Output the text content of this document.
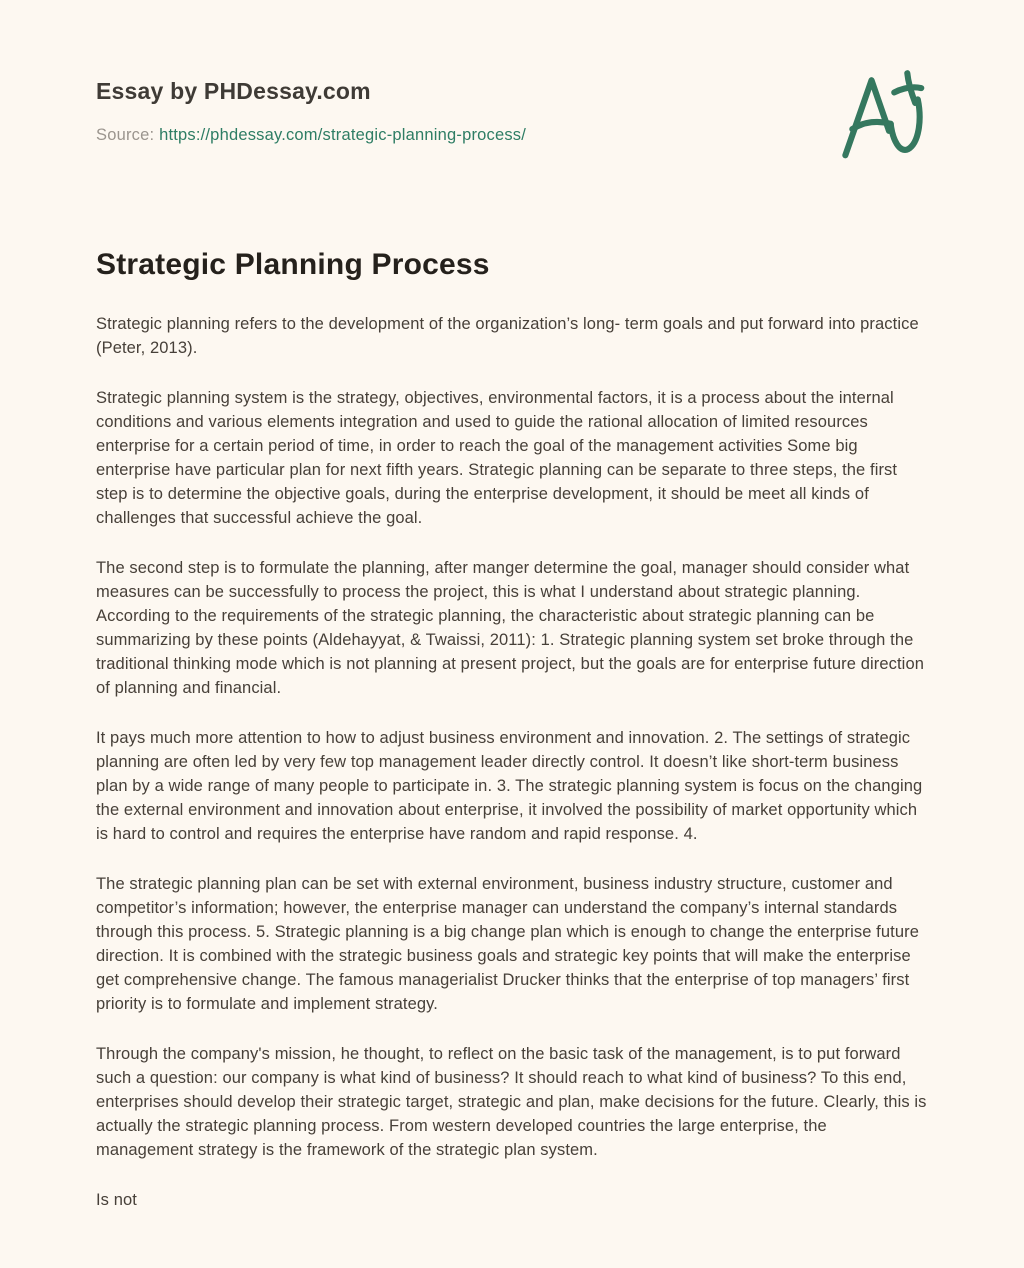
Essay by PHDessay.com
Source: https://phdessay.com/strategic-planning-process/
Strategic Planning Process

Strategic planning refers to the development of the organization’s long- term goals and put forward into practice (Peter, 2013).

Strategic planning system is the strategy, objectives, environmental factors, it is a process about the internal conditions and various elements integration and used to guide the rational allocation of limited resources enterprise for a certain period of time, in order to reach the goal of the management activities Some big enterprise have particular plan for next fifth years. Strategic planning can be separate to three steps, the first step is to determine the objective goals, during the enterprise development, it should be meet all kinds of challenges that successful achieve the goal.

The second step is to formulate the planning, after manger determine the goal, manager should consider what measures can be successfully to process the project, this is what I understand about strategic planning. According to the requirements of the strategic planning, the characteristic about strategic planning can be summarizing by these points (Aldehayyat, & Twaissi, 2011): 1. Strategic planning system set broke through the traditional thinking mode which is not planning at present project, but the goals are for enterprise future direction of planning and financial.

It pays much more attention to how to adjust business environment and innovation. 2. The settings of strategic planning are often led by very few top management leader directly control. It doesn’t like short-term business plan by a wide range of many people to participate in. 3. The strategic planning system is focus on the changing the external environment and innovation about enterprise, it involved the possibility of market opportunity which is hard to control and requires the enterprise have random and rapid response. 4.

The strategic planning plan can be set with external environment, business industry structure, customer and competitor’s information; however, the enterprise manager can understand the company’s internal standards through this process. 5. Strategic planning is a big change plan which is enough to change the enterprise future direction. It is combined with the strategic business goals and strategic key points that will make the enterprise get comprehensive change. The famous managerialist Drucker thinks that the enterprise of top managers’ first priority is to formulate and implement strategy.

Through the company's mission, he thought, to reflect on the basic task of the management, is to put forward such a question: our company is what kind of business? It should reach to what kind of business? To this end, enterprises should develop their strategic target, strategic and plan, make decisions for the future. Clearly, this is actually the strategic planning process. From western developed countries the large enterprise, the management strategy is the framework of the strategic plan system.

Is not
